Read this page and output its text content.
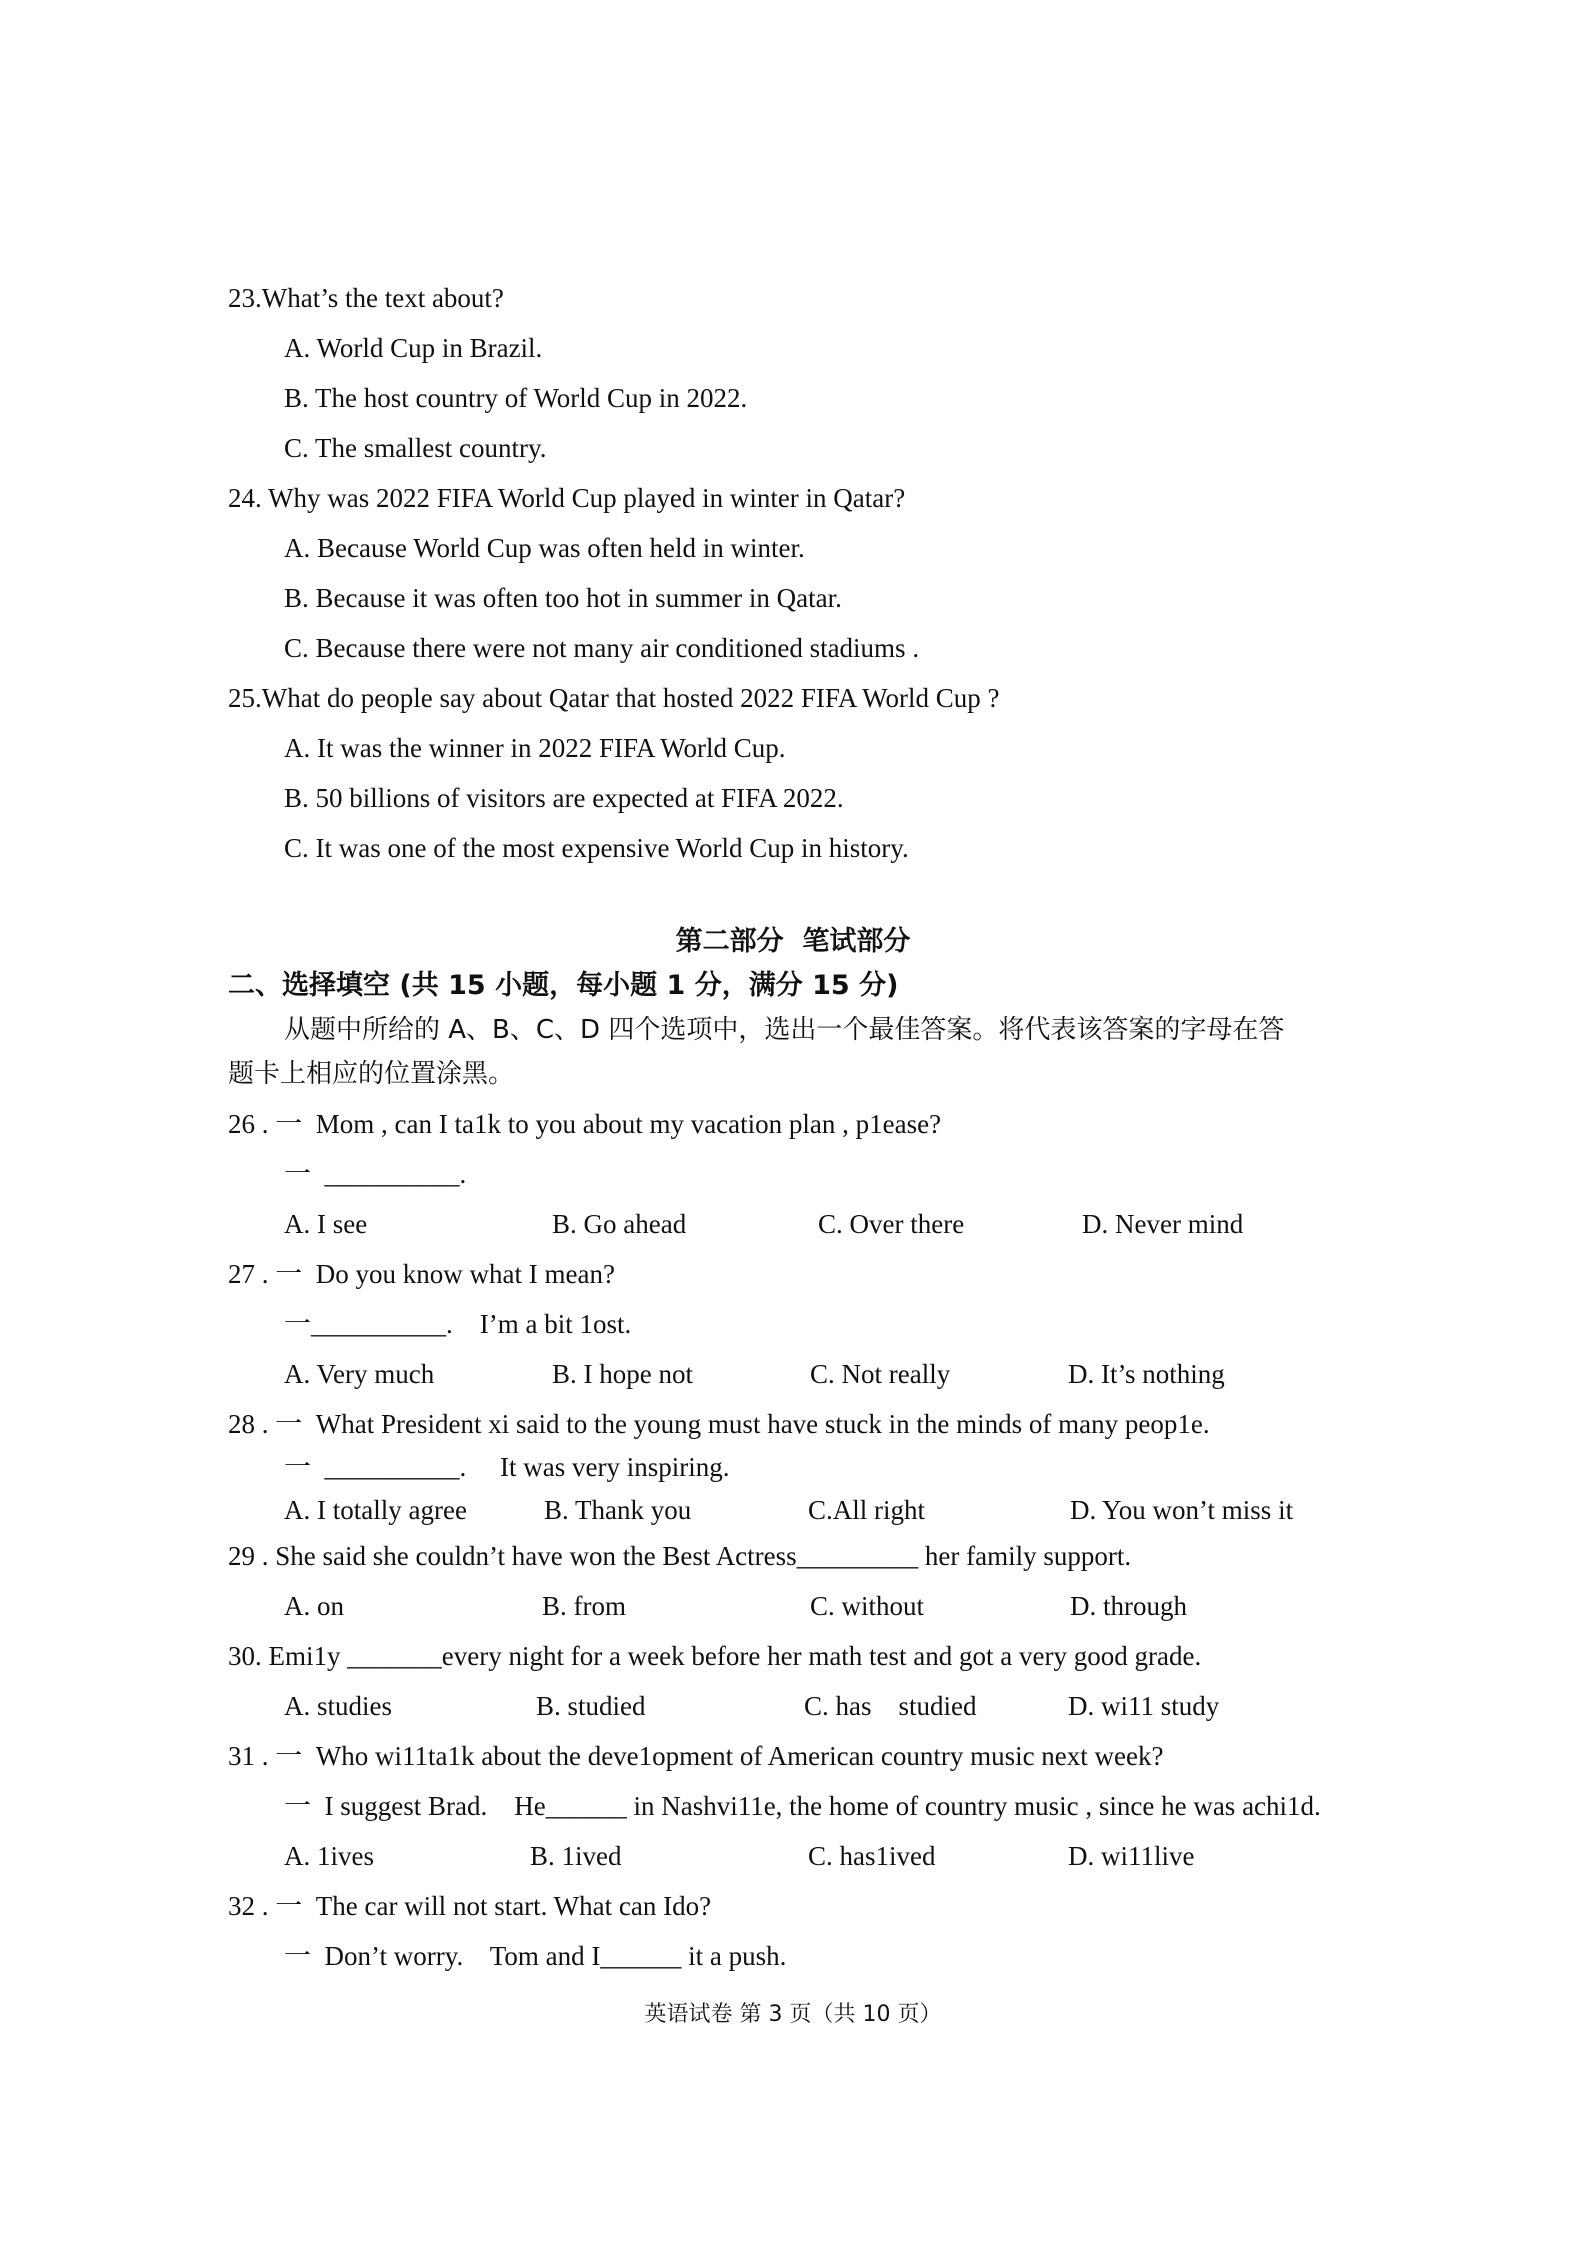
23.What’s the text about?
A. World Cup in Brazil.
B. The host country of World Cup in 2022.
C. The smallest country.
24. Why was 2022 FIFA World Cup played in winter in Qatar?
A. Because World Cup was often held in winter.
B. Because it was often too hot in summer in Qatar.
C. Because there were not many air conditioned stadiums .
25.What do people say about Qatar that hosted 2022 FIFA World Cup ?
A. It was the winner in 2022 FIFA World Cup.
B. 50 billions of visitors are expected at FIFA 2022.
C. It was one of the most expensive World Cup in history.
第二部分  笔试部分
二、选择填空 (共 15 小题，每小题 1 分，满分 15 分)
从题中所给的 A、B、C、D 四个选项中，选出一个最佳答案。将代表该答案的字母在答
题卡上相应的位置涂黑。
26 . 一  Mom , can I ta1k to you about my vacation plan , p1ease?
一  __________.
A. I see	B. Go ahead	C. Over there	D. Never mind
27 . 一  Do you know what I mean?
一__________.    I’m a bit 1ost.
A. Very much	B. I hope not	C. Not really	D. It’s nothing
28 . 一  What President xi said to the young must have stuck in the minds of many peop1e.
一  __________.     It was very inspiring.
A. I totally agree	B. Thank you	C.All right	D. You won’t miss it
29 . She said she couldn’t have won the Best Actress_________ her family support.
A. on	B. from	C. without	D. through
30. Emi1y _______every night for a week before her math test and got a very good grade.
A. studies	B. studied	C. has    studied	D. wi11 study
31 . 一  Who wi11ta1k about the deve1opment of American country music next week?
一  I suggest Brad.    He______ in Nashvi11e, the home of country music , since he was achi1d.
A. 1ives	B. 1ived	C. has1ived	D. wi11live
32 . 一  The car will not start. What can Ido?
一  Don’t worry.    Tom and I______ it a push.
英语试卷 第 3 页（共 10 页）
